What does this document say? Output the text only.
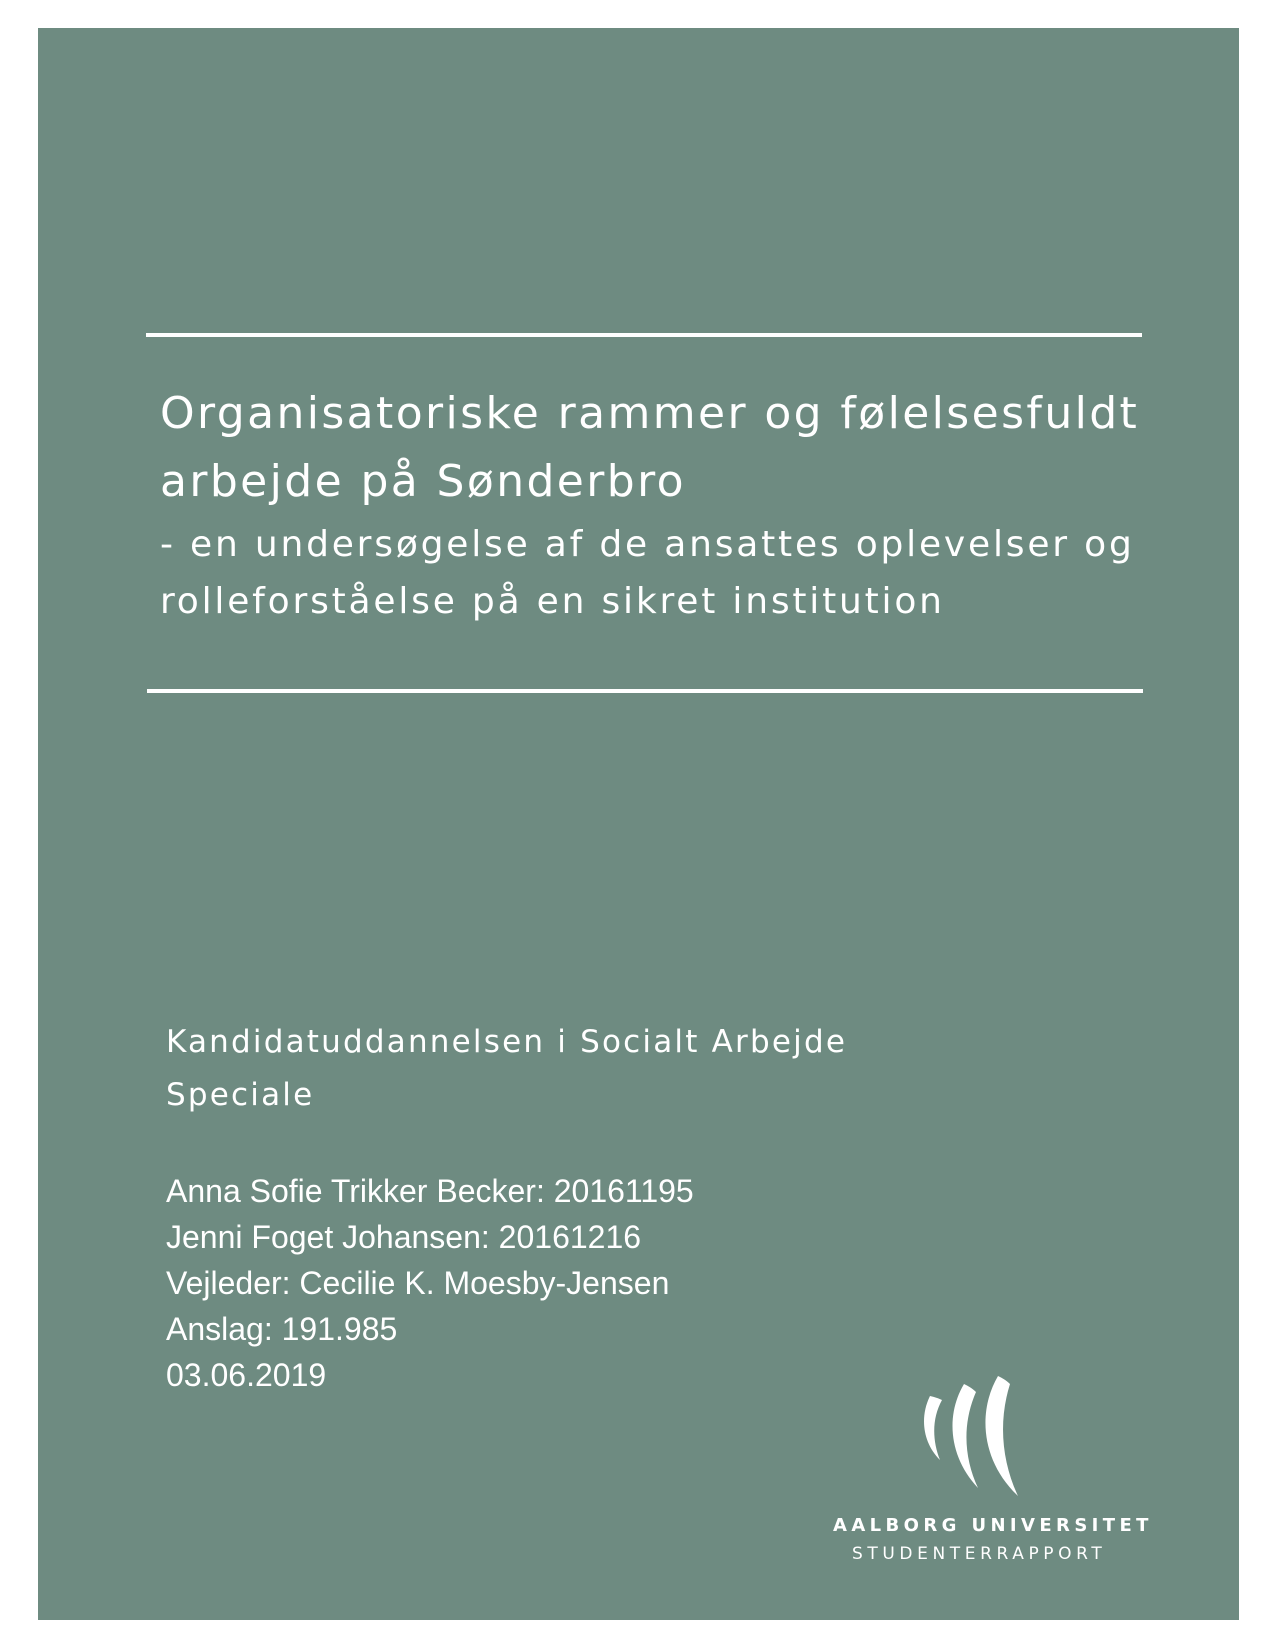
Organisatoriske rammer og følelsesfuldt
arbejde på Sønderbro
- en undersøgelse af de ansattes oplevelser og
rolleforståelse på en sikret institution
Kandidatuddannelsen i Socialt Arbejde
Speciale
Anna Sofie Trikker Becker: 20161195
Jenni Foget Johansen: 20161216
Vejleder: Cecilie K. Moesby-Jensen
Anslag: 191.985
03.06.2019
AALBORG UNIVERSITET
STUDENTERRAPPORT
